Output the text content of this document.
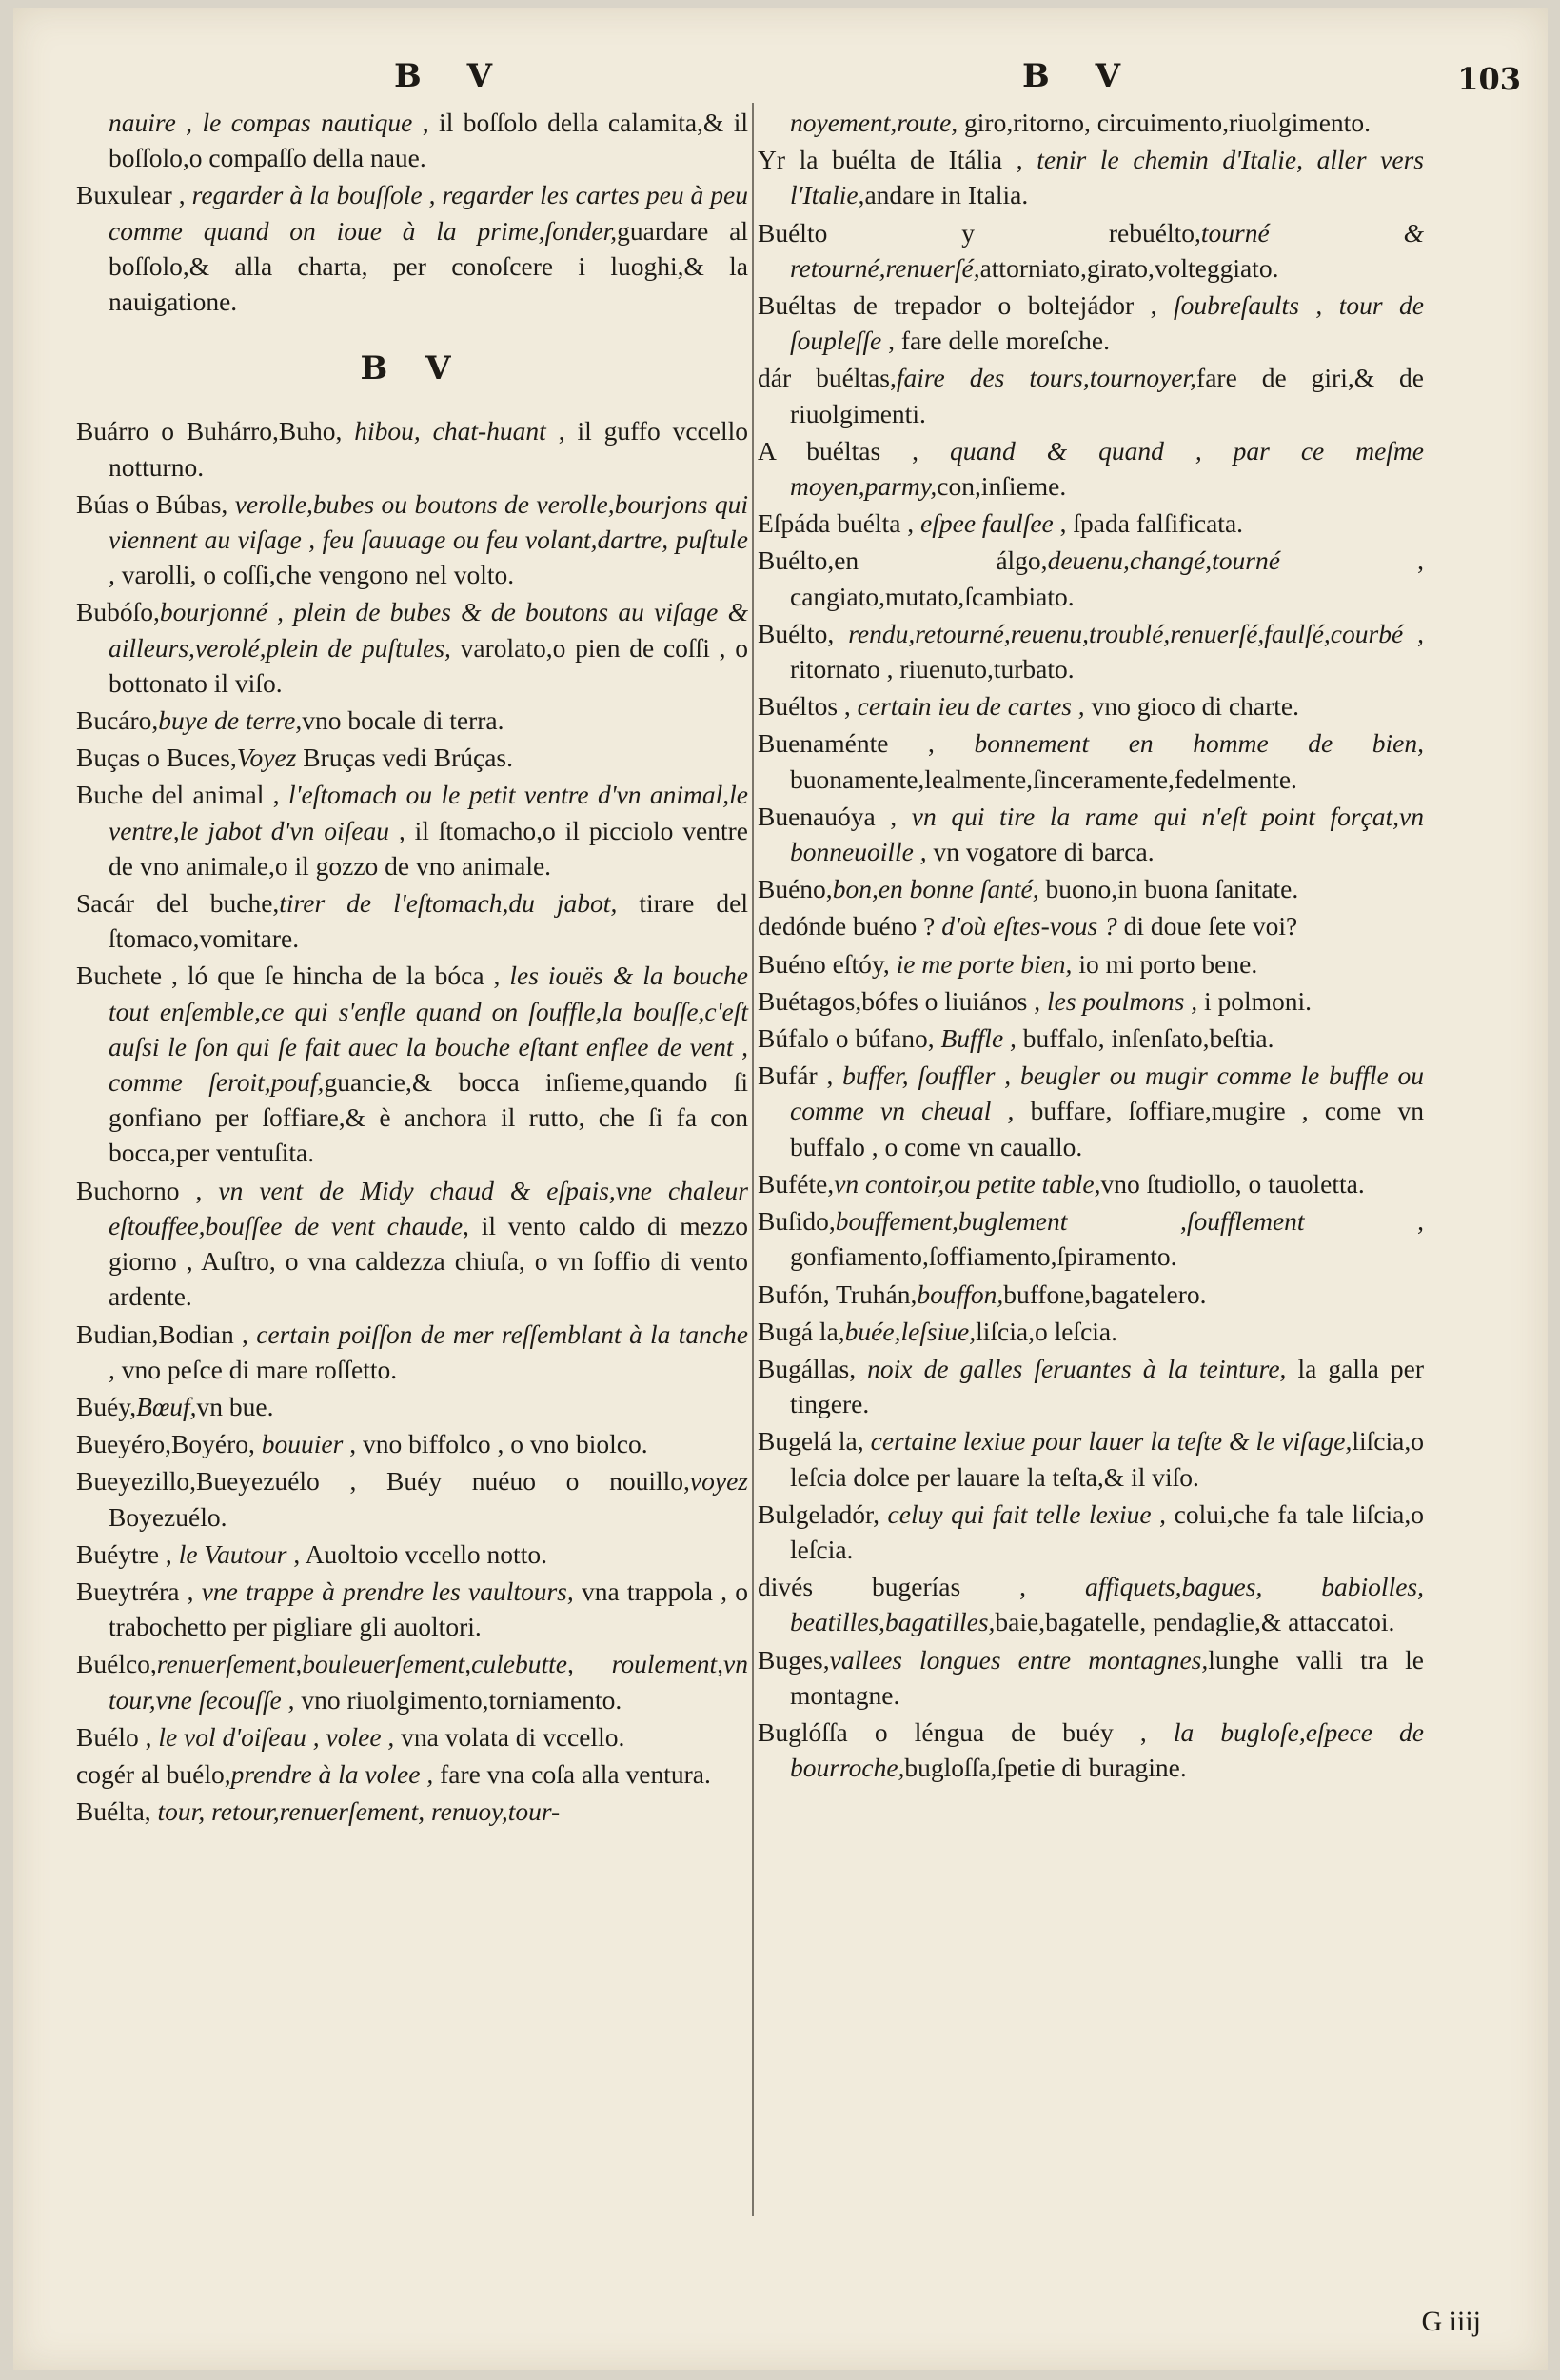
B V	B V	103

nauire , le compas nautique , il boſſolo della calamita,& il boſſolo,o compaſſo della naue.

Buxulear , regarder à la bouſſole , regarder les cartes peu à peu comme quand on ioue à la prime,ſonder,guardare al boſſolo,& alla charta, per conoſcere i luoghi,& la nauigatione.

B V

Buárro o Buhárro,Buho, hibou, chat-huant , il guffo vccello notturno.

Búas o Búbas, verolle,bubes ou boutons de verolle,bourjons qui viennent au viſage , feu ſauuage ou feu volant,dartre, puſtule , varolli, o coſſi,che vengono nel volto.

Bubóſo,bourjonné , plein de bubes & de boutons au viſage & ailleurs,verolé,plein de puſtules, varolato,o pien de coſſi , o bottonato il viſo.

Bucáro,buye de terre,vno bocale di terra.

Buças o Buces,Voyez Bruças vedi Brúças.

Buche del animal , l'eſtomach ou le petit ventre d'vn animal,le ventre,le jabot d'vn oiſeau , il ſtomacho,o il picciolo ventre de vno animale,o il gozzo de vno animale.

Sacár del buche,tirer de l'eſtomach,du jabot, tirare del ſtomaco,vomitare.

Buchete , ló que ſe hincha de la bóca , les iouës & la bouche tout enſemble,ce qui s'enfle quand on ſouffle,la bouſſe,c'eſt auſsi le ſon qui ſe fait auec la bouche eſtant enflee de vent , comme ſeroit,pouf,guancie,& bocca inſieme,quando ſi gonfiano per ſoffiare,& è anchora il rutto, che ſi fa con bocca,per ventuſita.

Buchorno , vn vent de Midy chaud & eſpais,vne chaleur eſtouffee,bouſſee de vent chaude, il vento caldo di mezzo giorno , Auſtro, o vna caldezza chiuſa, o vn ſoffio di vento ardente.

Budian,Bodian , certain poiſſon de mer reſſemblant à la tanche , vno peſce di mare roſſetto.

Buéy,Bœuf,vn bue.

Bueyéro,Boyéro, bouuier , vno biffolco , o vno biolco.

Bueyezillo,Bueyezuélo , Buéy nuéuo o nouillo,voyez Boyezuélo.

Buéytre , le Vautour , Auoltoio vccello notto.

Bueytréra , vne trappe à prendre les vaultours, vna trappola , o trabochetto per pigliare gli auoltori.

Buélco,renuerſement,bouleuerſement,culebutte, roulement,vn tour,vne ſecouſſe , vno riuolgimento,torniamento.

Buélo , le vol d'oiſeau , volee , vna volata di vccello.

cogér al buélo,prendre à la volee , fare vna coſa alla ventura.

Buélta, tour, retour,renuerſement, renuoy,tour-

noyement,route, giro,ritorno, circuimento,riuolgimento.

Yr la buélta de Itália , tenir le chemin d'Italie, aller vers l'Italie,andare in Italia.

Buélto y rebuélto,tourné & retourné,renuerſé,attorniato,girato,volteggiato.

Buéltas de trepador o boltejádor , ſoubreſaults , tour de ſoupleſſe , fare delle moreſche.

dár buéltas,faire des tours,tournoyer,fare de giri,& de riuolgimenti.

A buéltas , quand & quand , par ce meſme moyen,parmy,con,inſieme.

Eſpáda buélta , eſpee faulſee , ſpada falſificata.

Buélto,en álgo,deuenu,changé,tourné , cangiato,mutato,ſcambiato.

Buélto, rendu,retourné,reuenu,troublé,renuerſé,faulſé,courbé , ritornato , riuenuto,turbato.

Buéltos , certain ieu de cartes , vno gioco di charte.

Buenaménte , bonnement en homme de bien, buonamente,lealmente,ſinceramente,fedelmente.

Buenauóya , vn qui tire la rame qui n'eſt point forçat,vn bonneuoille , vn vogatore di barca.

Buéno,bon,en bonne ſanté, buono,in buona ſanitate.

dedónde buéno ? d'où eſtes-vous ? di doue ſete voi?

Buéno eſtóy, ie me porte bien, io mi porto bene.

Buétagos,bófes o liuiános , les poulmons , i polmoni.

Búfalo o búfano, Buffle , buffalo, inſenſato,beſtia.

Bufár , buffer, ſouffler , beugler ou mugir comme le buffle ou comme vn cheual , buffare, ſoffiare,mugire , come vn buffalo , o come vn cauallo.

Buféte,vn contoir,ou petite table,vno ſtudiollo, o tauoletta.

Buſido,bouffement,buglement ,ſoufflement , gonfiamento,ſoffiamento,ſpiramento.

Bufón, Truhán,bouffon,buffone,bagatelero.

Bugá la,buée,leſsiue,liſcia,o leſcia.

Bugállas, noix de galles ſeruantes à la teinture, la galla per tingere.

Bugelá la, certaine lexiue pour lauer la teſte & le viſage,liſcia,o leſcia dolce per lauare la teſta,& il viſo.

Bulgeladór, celuy qui fait telle lexiue , colui,che fa tale liſcia,o leſcia.

divés bugerías , affiquets,bagues, babiolles, beatilles,bagatilles,baie,bagatelle, pendaglie,& attaccatoi.

Buges,vallees longues entre montagnes,lunghe valli tra le montagne.

Buglóſſa o léngua de buéy , la bugloſe,eſpece de bourroche,bugloſſa,ſpetie di buragine.

G iiij
